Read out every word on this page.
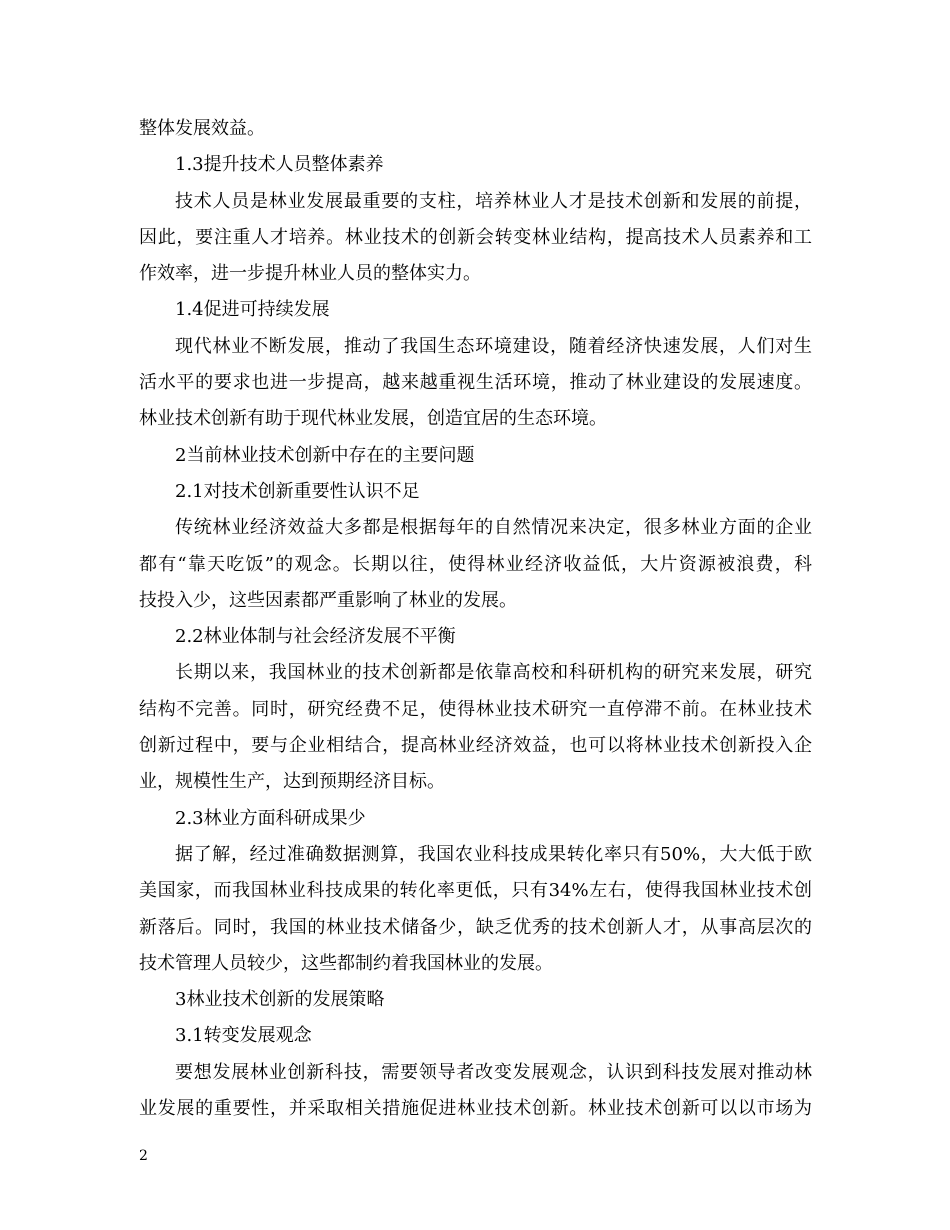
整体发展效益。
1.3提升技术人员整体素养
技术人员是林业发展最重要的支柱，培养林业人才是技术创新和发展的前提，
因此，要注重人才培养。林业技术的创新会转变林业结构，提高技术人员素养和工
作效率，进一步提升林业人员的整体实力。
1.4促进可持续发展
现代林业不断发展，推动了我国生态环境建设，随着经济快速发展，人们对生
活水平的要求也进一步提高，越来越重视生活环境，推动了林业建设的发展速度。
林业技术创新有助于现代林业发展，创造宜居的生态环境。
2当前林业技术创新中存在的主要问题
2.1对技术创新重要性认识不足
传统林业经济效益大多都是根据每年的自然情况来决定，很多林业方面的企业
都有“靠天吃饭”的观念。长期以往，使得林业经济收益低，大片资源被浪费，科
技投入少，这些因素都严重影响了林业的发展。
2.2林业体制与社会经济发展不平衡
长期以来，我国林业的技术创新都是依靠高校和科研机构的研究来发展，研究
结构不完善。同时，研究经费不足，使得林业技术研究一直停滞不前。在林业技术
创新过程中，要与企业相结合，提高林业经济效益，也可以将林业技术创新投入企
业，规模性生产，达到预期经济目标。
2.3林业方面科研成果少
据了解，经过准确数据测算，我国农业科技成果转化率只有50%，大大低于欧
美国家，而我国林业科技成果的转化率更低，只有34%左右，使得我国林业技术创
新落后。同时，我国的林业技术储备少，缺乏优秀的技术创新人才，从事高层次的
技术管理人员较少，这些都制约着我国林业的发展。
3林业技术创新的发展策略
3.1转变发展观念
要想发展林业创新科技，需要领导者改变发展观念，认识到科技发展对推动林
业发展的重要性，并采取相关措施促进林业技术创新。林业技术创新可以以市场为
2
